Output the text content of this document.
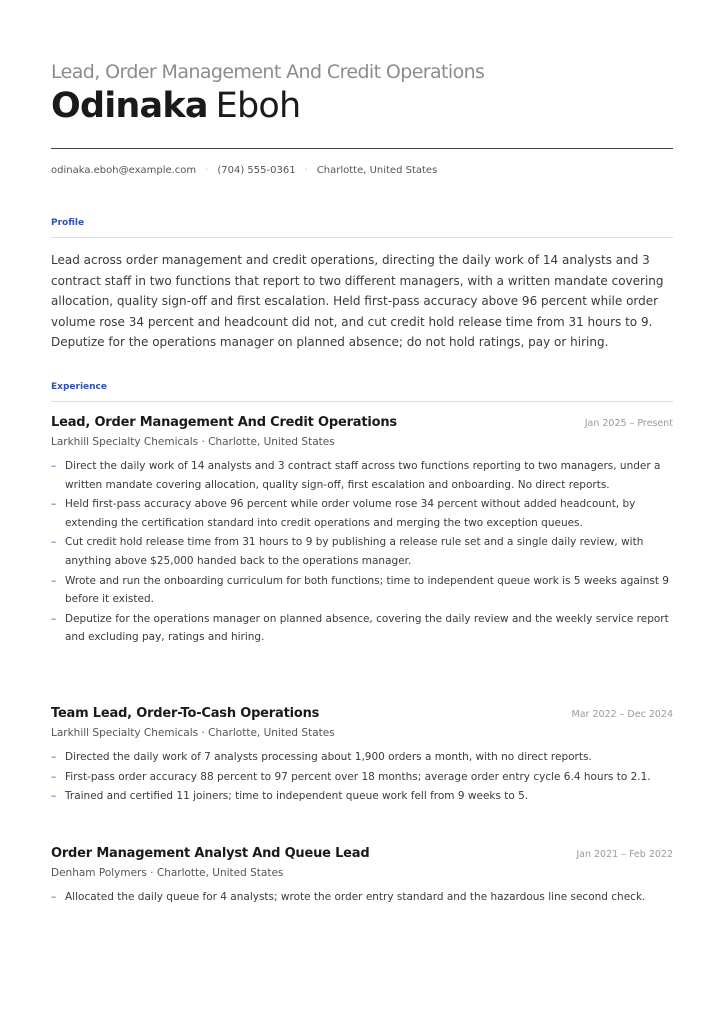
Lead, Order Management And Credit Operations
Odinaka Eboh
odinaka.eboh@example.com · (704) 555-0361 · Charlotte, United States
Profile
Lead across order management and credit operations, directing the daily work of 14 analysts and 3 contract staff in two functions that report to two different managers, with a written mandate covering allocation, quality sign-off and first escalation. Held first-pass accuracy above 96 percent while order volume rose 34 percent and headcount did not, and cut credit hold release time from 31 hours to 9. Deputize for the operations manager on planned absence; do not hold ratings, pay or hiring.
Experience
Lead, Order Management And Credit Operations	Jan 2025 – Present
Larkhill Specialty Chemicals · Charlotte, United States
– Direct the daily work of 14 analysts and 3 contract staff across two functions reporting to two managers, under a written mandate covering allocation, quality sign-off, first escalation and onboarding. No direct reports.
– Held first-pass accuracy above 96 percent while order volume rose 34 percent without added headcount, by extending the certification standard into credit operations and merging the two exception queues.
– Cut credit hold release time from 31 hours to 9 by publishing a release rule set and a single daily review, with anything above $25,000 handed back to the operations manager.
– Wrote and run the onboarding curriculum for both functions; time to independent queue work is 5 weeks against 9 before it existed.
– Deputize for the operations manager on planned absence, covering the daily review and the weekly service report and excluding pay, ratings and hiring.
Team Lead, Order-To-Cash Operations	Mar 2022 – Dec 2024
Larkhill Specialty Chemicals · Charlotte, United States
– Directed the daily work of 7 analysts processing about 1,900 orders a month, with no direct reports.
– First-pass order accuracy 88 percent to 97 percent over 18 months; average order entry cycle 6.4 hours to 2.1.
– Trained and certified 11 joiners; time to independent queue work fell from 9 weeks to 5.
Order Management Analyst And Queue Lead	Jan 2021 – Feb 2022
Denham Polymers · Charlotte, United States
– Allocated the daily queue for 4 analysts; wrote the order entry standard and the hazardous line second check.
